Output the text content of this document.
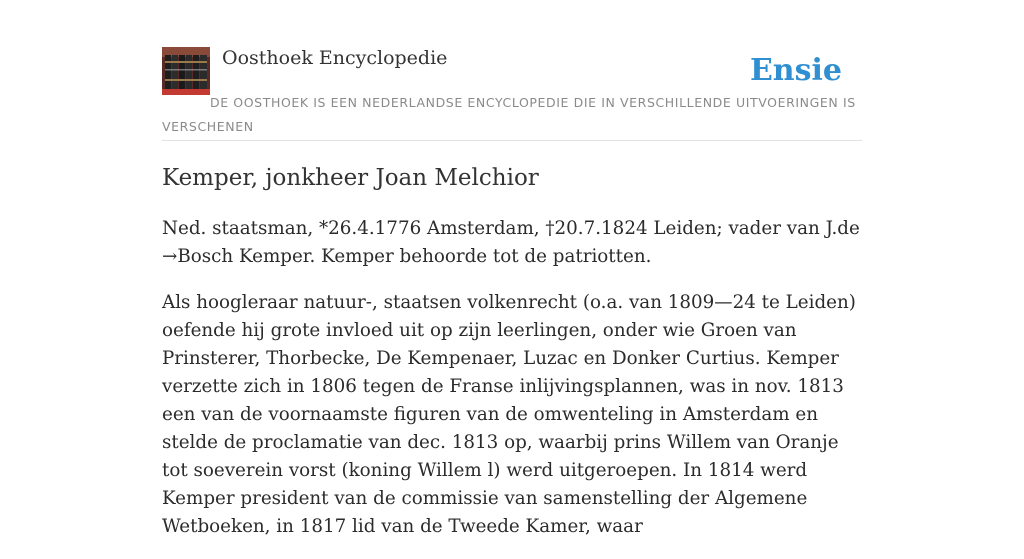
Oosthoek Encyclopedie	Ensie
DE OOSTHOEK IS EEN NEDERLANDSE ENCYCLOPEDIE DIE IN VERSCHILLENDE UITVOERINGEN IS VERSCHENEN
Kemper, jonkheer Joan Melchior

Ned. staatsman, *26.4.1776 Amsterdam, †20.7.1824 Leiden; vader van J.de →Bosch Kemper. Kemper behoorde tot de patriotten.

Als hoogleraar natuur-, staatsen volkenrecht (o.a. van 1809—24 te Leiden) oefende hij grote invloed uit op zijn leerlingen, onder wie Groen van Prinsterer, Thorbecke, De Kempenaer, Luzac en Donker Curtius. Kemper verzette zich in 1806 tegen de Franse inlijvingsplannen, was in nov. 1813 een van de voornaamste figuren van de omwenteling in Amsterdam en stelde de proclamatie van dec. 1813 op, waarbij prins Willem van Oranje tot soeverein vorst (koning Willem l) werd uitgeroepen. In 1814 werd Kemper president van de commissie van samenstelling der Algemene Wetboeken, in 1817 lid van de Tweede Kamer, waar
